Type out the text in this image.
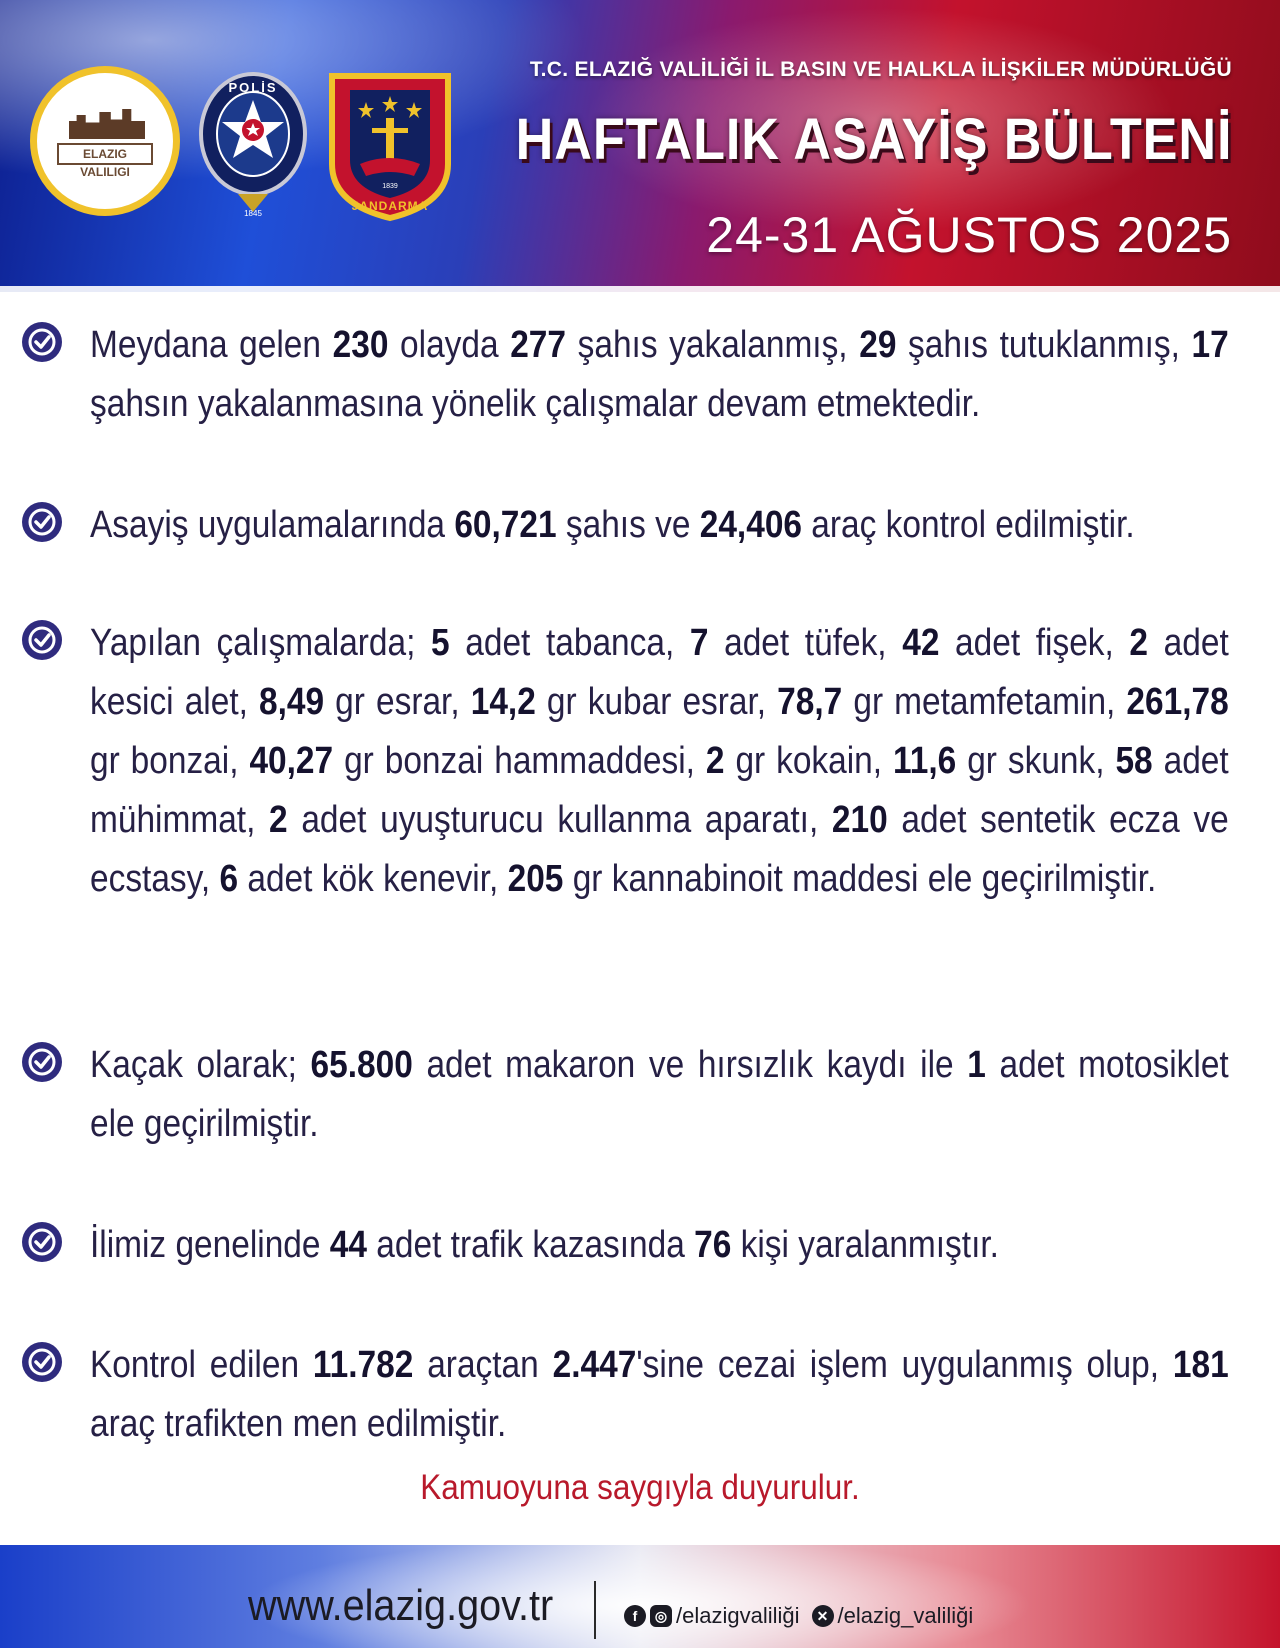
ELAZIG VALILIGI
1845
POLİS
1839
JANDARMA
T.C. ELAZIĞ VALİLİĞİ İL BASIN VE HALKLA İLİŞKİLER MÜDÜRLÜĞÜ
HAFTALIK ASAYİŞ BÜLTENİ
24-31 AĞUSTOS 2025
Meydana gelen 230 olayda 277 şahıs yakalanmış, 29 şahıs tutuklanmış, 17 şahsın yakalanmasına yönelik çalışmalar devam etmektedir.
Asayiş uygulamalarında 60,721 şahıs ve 24,406 araç kontrol edilmiştir.
Yapılan çalışmalarda; 5 adet tabanca, 7 adet tüfek, 42 adet fişek, 2 adet kesici alet, 8,49 gr esrar, 14,2 gr kubar esrar, 78,7 gr metamfetamin, 261,78 gr bonzai, 40,27 gr bonzai hammaddesi, 2 gr kokain, 11,6 gr skunk, 58 adet mühimmat, 2 adet uyuşturucu kullanma aparatı, 210 adet sentetik ecza ve ecstasy, 6 adet kök kenevir, 205 gr kannabinoit maddesi ele geçirilmiştir.
Kaçak olarak; 65.800 adet makaron ve hırsızlık kaydı ile 1 adet motosiklet ele geçirilmiştir.
İlimiz genelinde 44 adet trafik kazasında 76 kişi yaralanmıştır.
Kontrol edilen 11.782 araçtan 2.447'sine cezai işlem uygulanmış olup, 181 araç trafikten men edilmiştir.
Kamuoyuna saygıyla duyurulur.
www.elazig.gov.tr	f	◎ /elazigvaliliği	✕ /elazig_valiliği
